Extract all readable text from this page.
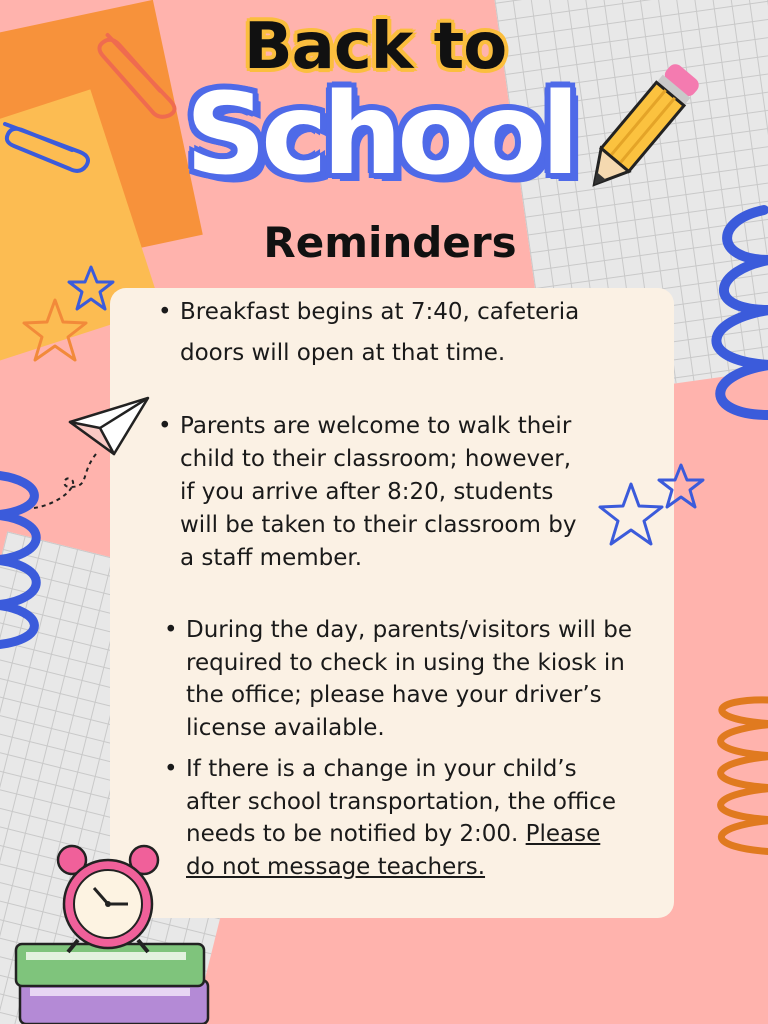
Back to
School
Reminders
• Breakfast begins at 7:40, cafeteria doors will open at that time.
• Parents are welcome to walk their child to their classroom; however, if you arrive after 8:20, students will be taken to their classroom by a staff member.
• During the day, parents/visitors will be required to check in using the kiosk in the office; please have your driver’s license available.
• If there is a change in your child’s after school transportation, the office needs to be notified by 2:00. Please do not message teachers.
